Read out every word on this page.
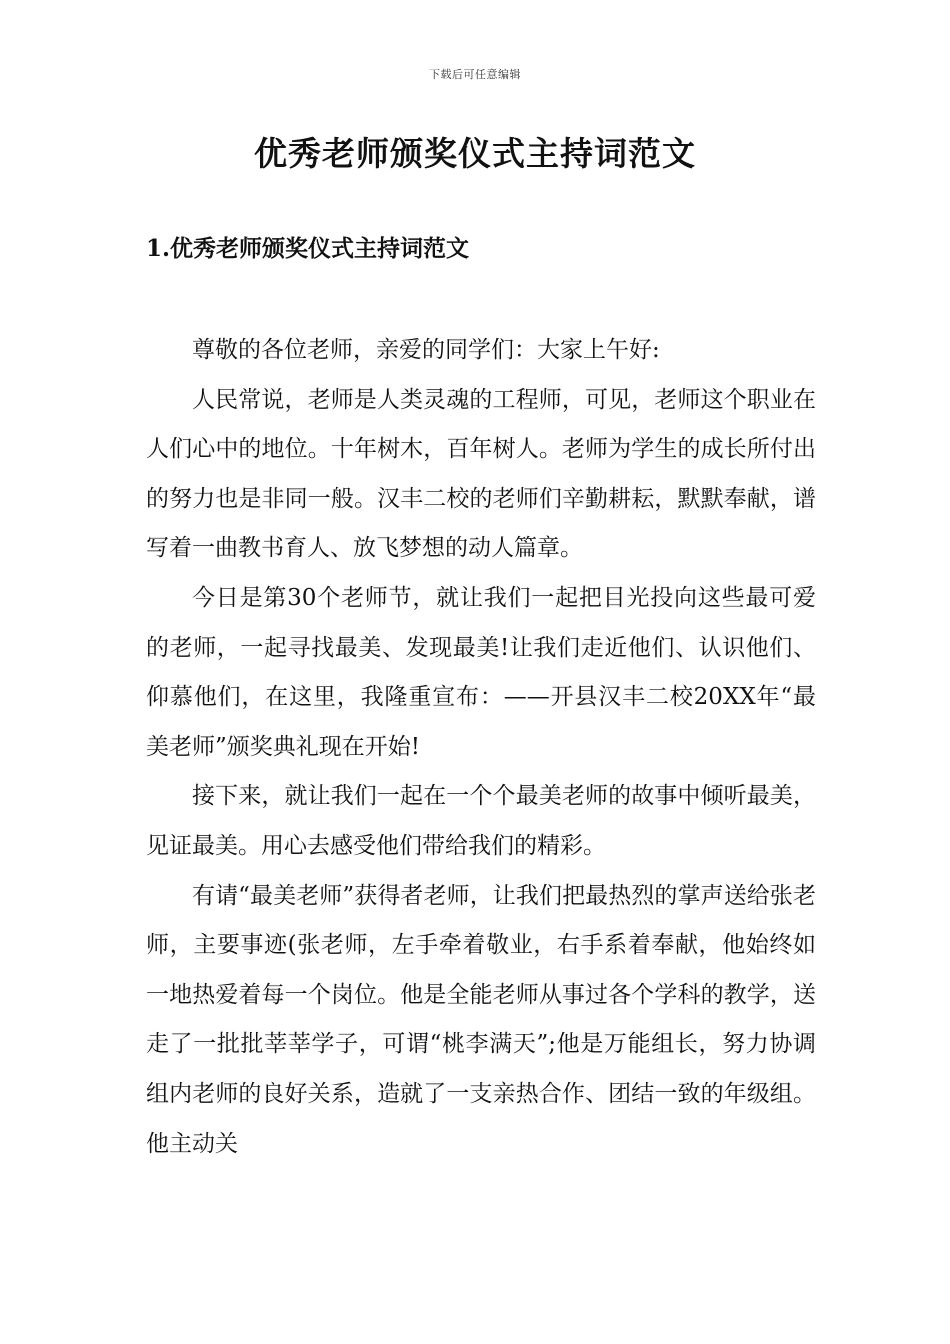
下载后可任意编辑
优秀老师颁奖仪式主持词范文
1.优秀老师颁奖仪式主持词范文

尊敬的各位老师，亲爱的同学们：大家上午好:

人民常说，老师是人类灵魂的工程师，可见，老师这个职业在人们心中的地位。十年树木，百年树人。老师为学生的成长所付出的努力也是非同一般。汉丰二校的老师们辛勤耕耘，默默奉献，谱写着一曲教书育人、放飞梦想的动人篇章。

今日是第30个老师节，就让我们一起把目光投向这些最可爱的老师，一起寻找最美、发现最美!让我们走近他们、认识他们、仰慕他们，在这里，我隆重宣布：——开县汉丰二校20XX年“最美老师”颁奖典礼现在开始!

接下来，就让我们一起在一个个最美老师的故事中倾听最美，见证最美。用心去感受他们带给我们的精彩。

有请“最美老师”获得者老师，让我们把最热烈的掌声送给张老师，主要事迹(张老师，左手牵着敬业，右手系着奉献，他始终如一地热爱着每一个岗位。他是全能老师从事过各个学科的教学，送走了一批批莘莘学子，可谓“桃李满天”;他是万能组长，努力协调组内老师的良好关系，造就了一支亲热合作、团结一致的年级组。他主动关
